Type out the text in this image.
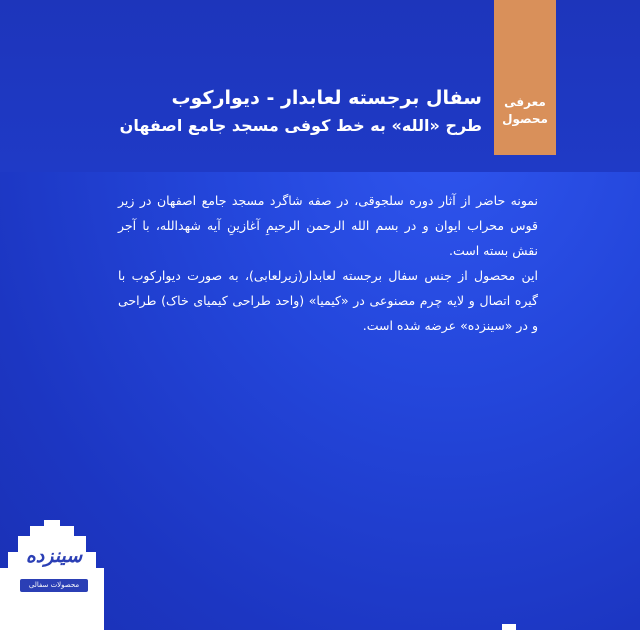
معرفی
محصول
سفال برجسته لعابدار - دیوارکوب
طرح «الله» به خط کوفی مسجد جامع اصفهان

نمونه حاضر از آثار دوره سلجوقی، در صفه شاگرد مسجد جامع اصفهان در زیر قوس محراب ایوان و در بسم الله الرحمن الرحیمِ آغازینِ آیه شهدالله، با آجر نقش بسته است.

این محصول از جنس سفال برجسته لعابدار(زیرلعابی)، به صورت دیوارکوب با گیره اتصال و لایه چرم مصنوعی در «کیمیا» (واحد طراحی کیمیای خاک) طراحی و در «سینزده» عرضه شده است.

سینزده
محصولات سفالی تزئینی
